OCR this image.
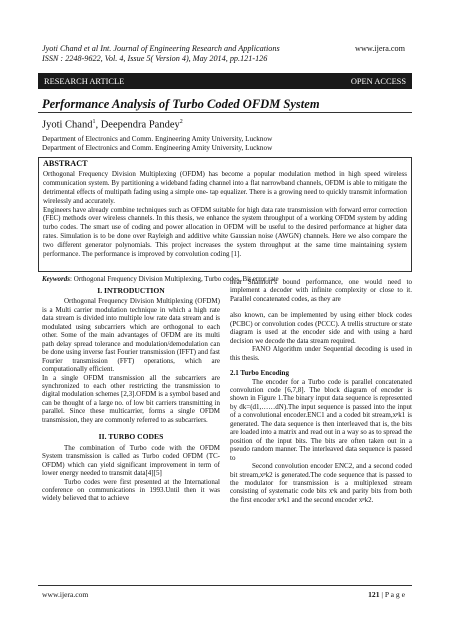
Jyoti Chand et al Int. Journal of Engineering Research and Applications
ISSN : 2248-9622, Vol. 4, Issue 5( Version 4), May 2014, pp.121-126
www.ijera.com
RESEARCH ARTICLE	OPEN ACCESS
Performance Analysis of Turbo Coded OFDM System
Jyoti Chand$^1$, Deependra Pandey$^2$
Department of Electronics and Comm. Engineering Amity University, Lucknow
Department of Electronics and Comm. Engineering Amity University, Lucknow
ABSTRACT
Orthogonal Frequency Division Multiplexing (OFDM) has become a popular modulation method in high speed wireless communication system. By partitioning a wideband fading channel into a flat narrowband channels, OFDM is able to mitigate the detrimental effects of multipath fading using a simple one- tap equalizer. There is a growing need to quickly transmit information wirelessly and accurately.
Engineers have already combine techniques such as OFDM suitable for high data rate transmission with forward error correction (FEC) methods over wireless channels. In this thesis, we enhance the system throughput of a working OFDM system by adding turbo codes. The smart use of coding and power allocation in OFDM will be useful to the desired performance at higher data rates. Simulation is to be done over Rayleigh and additive white Gaussian noise (AWGN) channels. Here we also compare the two different generator polynomials. This project increases the system throughput at the same time maintaining system performance. The performance is improved by convolution coding [1].
Keywords: Orthogonal Frequency Division Multiplexing, Turbo codes, Bit error rate

I. INTRODUCTION

Orthogonal Frequency Division Multiplexing (OFDM) is a Multi carrier modulation technique in which a high rate data stream is divided into multiple low rate data stream and is modulated using subcarriers which are orthogonal to each other. Some of the main advantages of OFDM are its multi path delay spread tolerance and modulation/demodulation can be done using inverse fast Fourier transmission (IFFT) and fast Fourier transmission (FFT) operations, which are computationally efficient.

In a single OFDM transmission all the subcarriers are synchronized to each other restricting the transmission to digital modulation schemes [2,3].OFDM is a symbol based and can be thought of a large no. of low bit carriers transmitting in parallel. Since these multicarrier, forms a single OFDM transmission, they are commonly referred to as subcarriers.

II. TURBO CODES

The combination of Turbo code with the OFDM System transmission is called as Turbo coded OFDM (TC-OFDM) which can yield significant improvement in term of lower energy needed to transmit data[4][5]

Turbo codes were first presented at the International conference on communications in 1993.Until then it was widely believed that to achieve

near Shannon’s bound performance, one would need to implement a decoder with infinite complexity or close to it. Parallel concatenated codes, as they are

also known, can be implemented by using either block codes (PCBC) or convolution codes (PCCC). A trellis structure or state diagram is used at the encoder side and with using a hard decision we decode the data stream required.

FANO Algorithm under Sequential decoding is used in this thesis.

2.1 Turbo Encoding

The encoder for a Turbo code is parallel concatenated convolution code [6,7,8]. The block diagram of encoder is shown in Figure 1.The binary input data sequence is represented by dk=(d1,……dN).The input sequence is passed into the input of a convolutional encoder.ENC1 and a coded bit stream,xᵖk1 is generated. The data sequence is then interleaved that is, the bits are loaded into a matrix and read out in a way so as to spread the position of the input bits. The bits are often taken out in a pseudo random manner. The interleaved data sequence is passed to

Second convolution encoder ENC2, and a second coded bit stream,xᵖk2 is generated.The code sequence that is passed to the modulator for transmission is a multiplexed stream consisting of systematic code bits xˢk and parity bits from both the first encoder xᵖk1 and the second encoder xᵖk2.

www.ijera.com	121 | P a g e
